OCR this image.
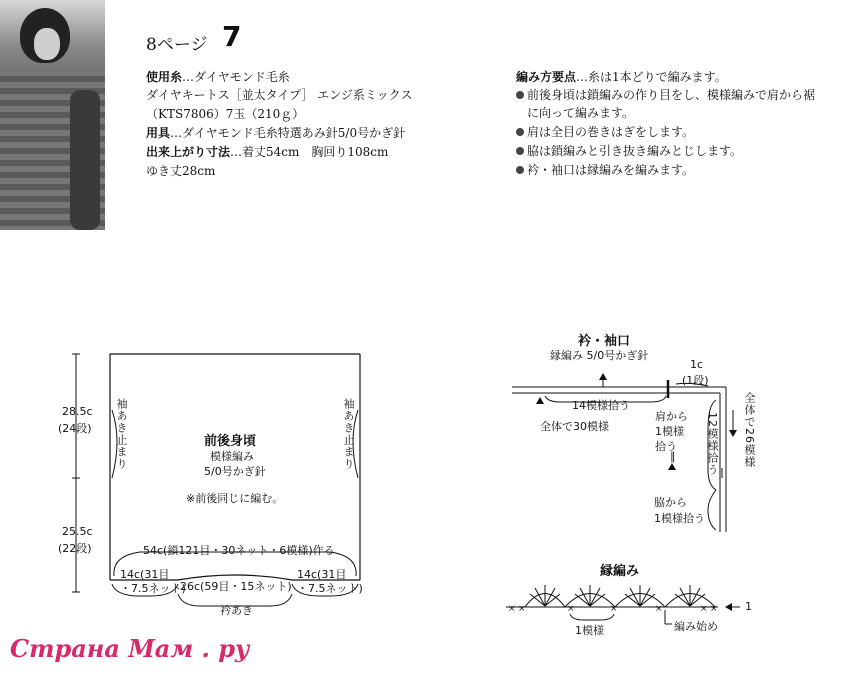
8ページ 7
使用糸…ダイヤモンド毛糸
ダイヤキートス［並太タイプ］ エンジ系ミックス
（KTS7806）7玉（210ｇ）
用具…ダイヤモンド毛糸特選あみ針5/0号かぎ針
出来上がり寸法…着丈54cm　胸回り108cm
ゆき丈28cm
編み方要点…糸は1本どりで編みます。
前後身頃は鎖編みの作り目をし、模様編みで肩から裾
に向って編みます。
肩は全目の巻きはぎをします。
脇は鎖編みと引き抜き編みとじします。
衿・袖口は縁編みを編みます。
× ×	×	×	×	× ×
28.5c
(24段)
25.5c
(22段)
袖あき止まり	袖あき止まり
前後身頃
模様編み
5/0号かぎ針
※前後同じに編む。
54c(鎖121目・30ネット・6模様)作る
14c(31目
・7.5ネット)
26c(59目・15ネット)
14c(31目
・7.5ネット)
衿あき
衿・袖口
縁編み 5/0号かぎ針
1c
(1段)
14模様拾う
全体で30模様
肩から
1模様
拾う
∥	12模様拾う 全体で26模様
脇から
1模様拾う
縁編み
1模様	編み始め
1
Страна Мам . ру
